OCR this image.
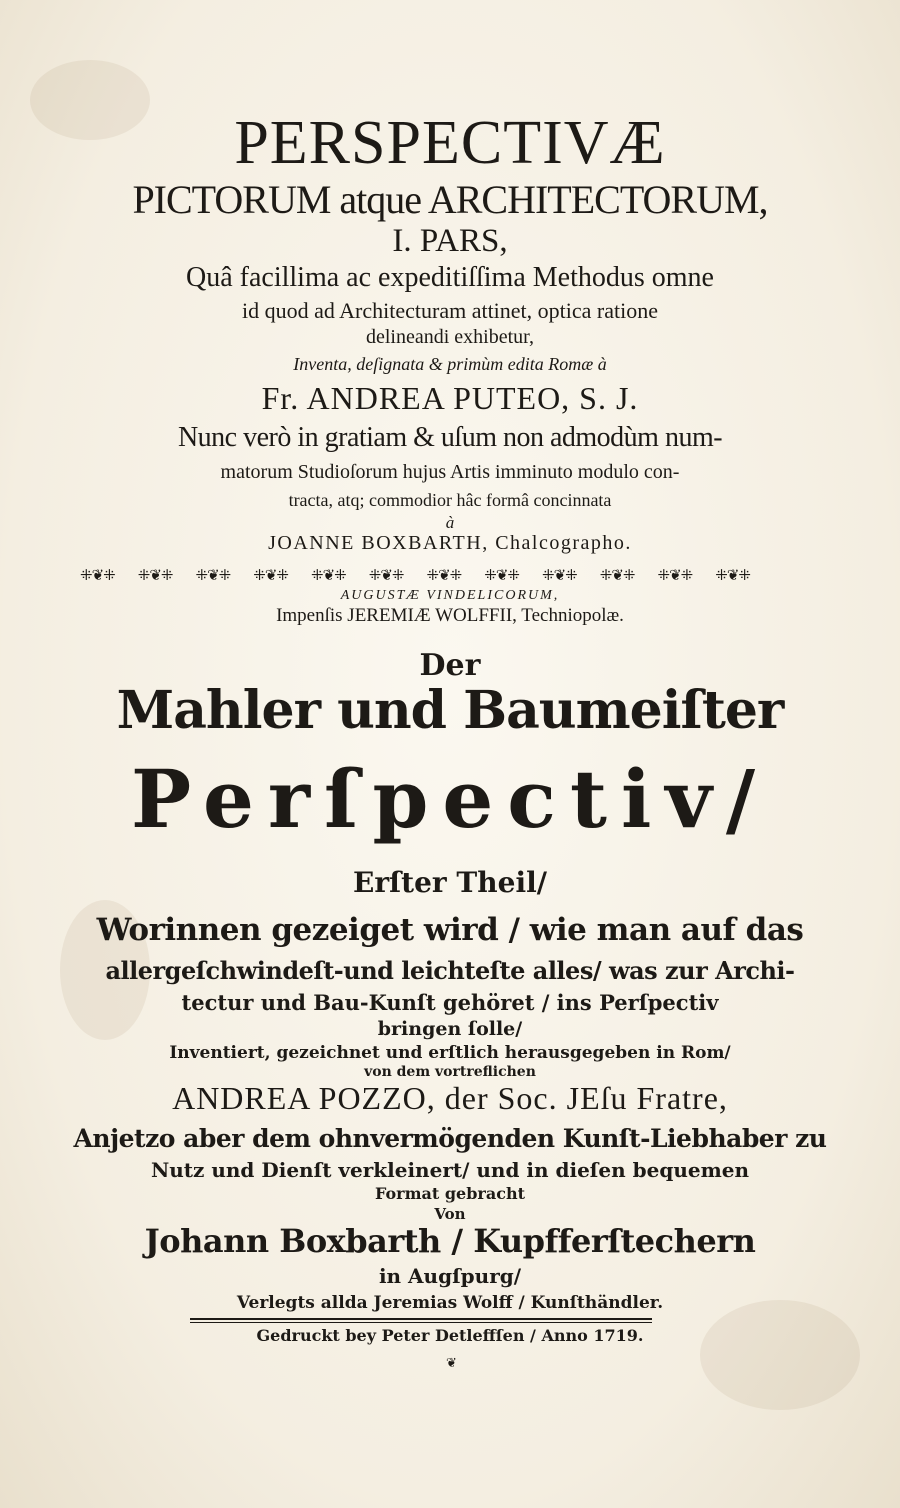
PERSPECTIVÆ
PICTORUM atque ARCHITECTORUM,
I. PARS,
Quâ facillima ac expeditiſſima Methodus omne
id quod ad Architecturam attinet, optica ratione
delineandi exhibetur,
Inventa, deſignata & primùm edita Romæ à
Fr. ANDREA PUTEO, S. J.
Nunc verò in gratiam & uſum non admodùm num-
matorum Studioſorum hujus Artis imminuto modulo con-
tracta, atq; commodior hâc formâ concinnata
à
JOANNE BOXBARTH, Chalcographo.
⁜❦⁜ ⁜❦⁜ ⁜❦⁜ ⁜❦⁜ ⁜❦⁜ ⁜❦⁜ ⁜❦⁜ ⁜❦⁜ ⁜❦⁜ ⁜❦⁜ ⁜❦⁜ ⁜❦⁜
AUGUSTÆ VINDELICORUM,
Impenſis JEREMIÆ WOLFFII, Techniopolæ.
Der
Mahler und Baumeiſter
Perſpectiv/
Erſter Theil/
Worinnen gezeiget wird / wie man auf das
allergeſchwindeſt-und leichteſte alles/ was zur Archi-
tectur und Bau-Kunſt gehöret / ins Perſpectiv
bringen ſolle/
Inventiert, gezeichnet und erſtlich herausgegeben in Rom/
von dem vortreflichen
ANDREA POZZO, der Soc. JEſu Fratre,
Anjetzo aber dem ohnvermögenden Kunſt-Liebhaber zu
Nutz und Dienſt verkleinert/ und in dieſen bequemen
Format gebracht
Von
Johann Boxbarth / Kupfferſtechern
in Augſpurg/
Verlegts allda Jeremias Wolff / Kunſthändler.
Gedruckt bey Peter Detleffſen / Anno 1719.
❦
